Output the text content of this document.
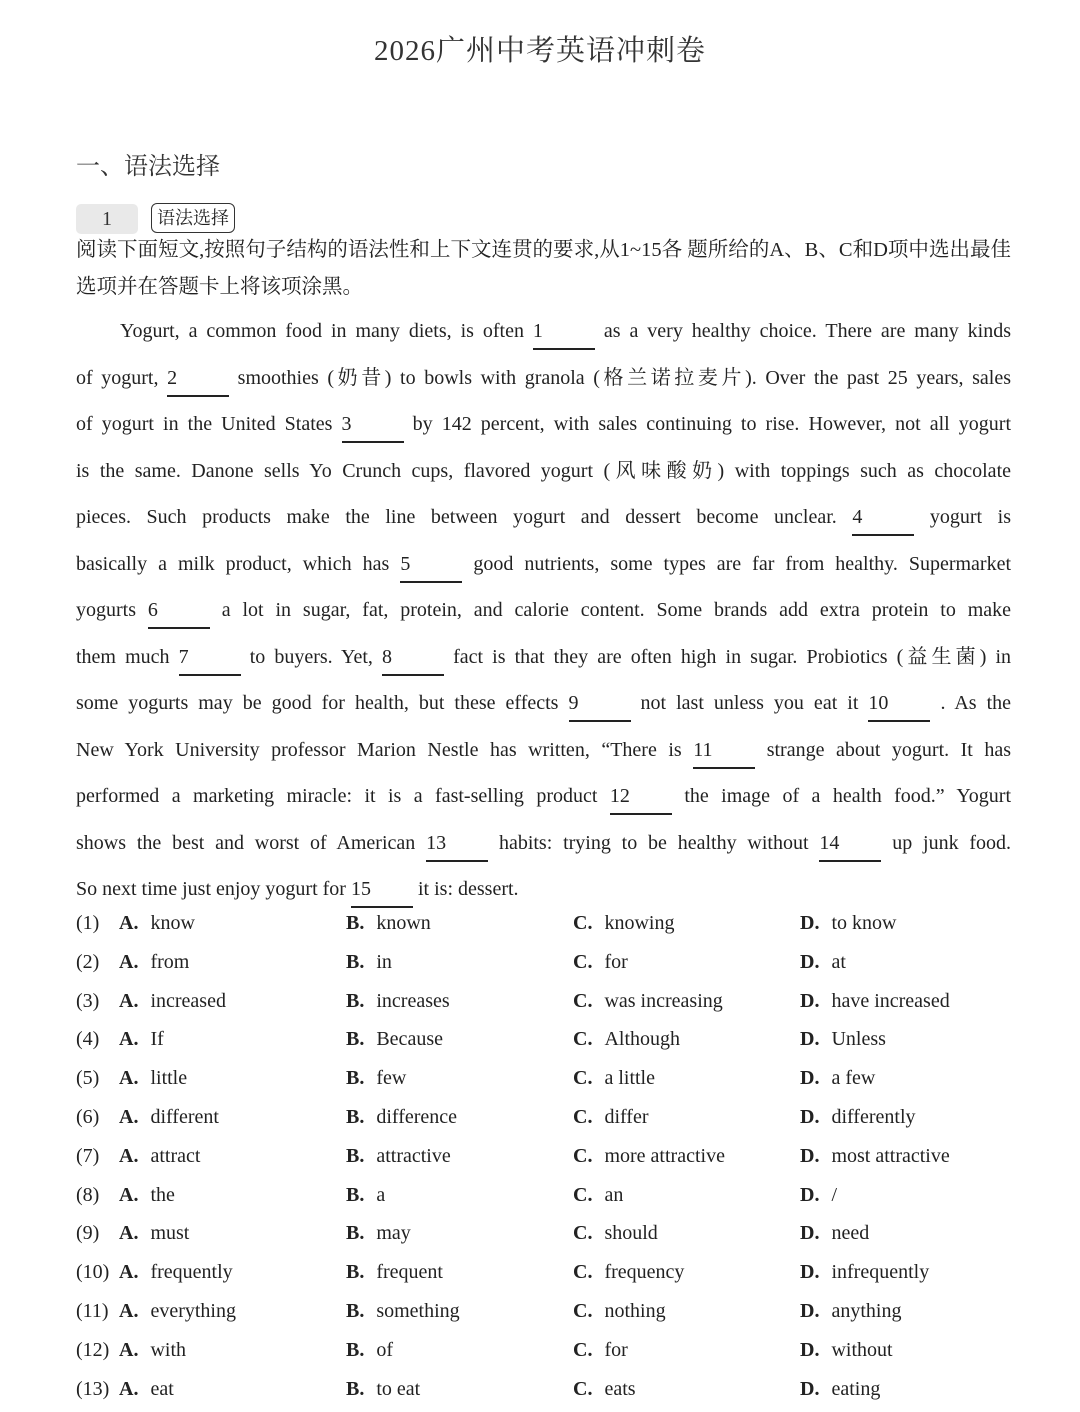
2026广州中考英语冲刺卷
一、语法选择
1	语法选择
阅读下面短文,按照句子结构的语法性和上下文连贯的要求,从1~15各 题所给的A、B、C和D项中选出最佳选项并在答题卡上将该项涂黑。
Yogurt, a common food in many diets, is often 1	as a very healthy choice. There are many kinds
of yogurt, 2	smoothies (奶昔) to bowls with granola (格兰诺拉麦片). Over the past 25 years, sales
of yogurt in the United States 3	by 142 percent, with sales continuing to rise. However, not all yogurt
is the same. Danone sells Yo Crunch cups, flavored yogurt (风味酸奶) with toppings such as chocolate
pieces. Such products make the line between yogurt and dessert become unclear. 4	yogurt is
basically a milk product, which has 5	good nutrients, some types are far from healthy. Supermarket
yogurts 6	a lot in sugar, fat, protein, and calorie content. Some brands add extra protein to make
them much 7	to buyers. Yet, 8	fact is that they are often high in sugar. Probiotics (益生菌) in
some yogurts may be good for health, but these effects 9	not last unless you eat it 10	. As the
New York University professor Marion Nestle has written, “There is 11	strange about yogurt. It has
performed a marketing miracle: it is a fast-selling product 12	the image of a health food.” Yogurt
shows the best and worst of American 13	habits: trying to be healthy without 14	up junk food.
So next time just enjoy yogurt for 15 it is: dessert.
(1) A. know	B. known	C. knowing	D. to know
(2) A. from	B. in	C. for	D. at
(3) A. increased	B. increases	C. was increasing	D. have increased
(4) A. If	B. Because	C. Although	D. Unless
(5) A. little	B. few	C. a little	D. a few
(6) A. different	B. difference	C. differ	D. differently
(7) A. attract	B. attractive	C. more attractive	D. most attractive
(8) A. the	B. a	C. an	D. /
(9) A. must	B. may	C. should	D. need
(10) A. frequently	B. frequent	C. frequency	D. infrequently
(11) A. everything	B. something	C. nothing	D. anything
(12) A. with	B. of	C. for	D. without
(13) A. eat	B. to eat	C. eats	D. eating
